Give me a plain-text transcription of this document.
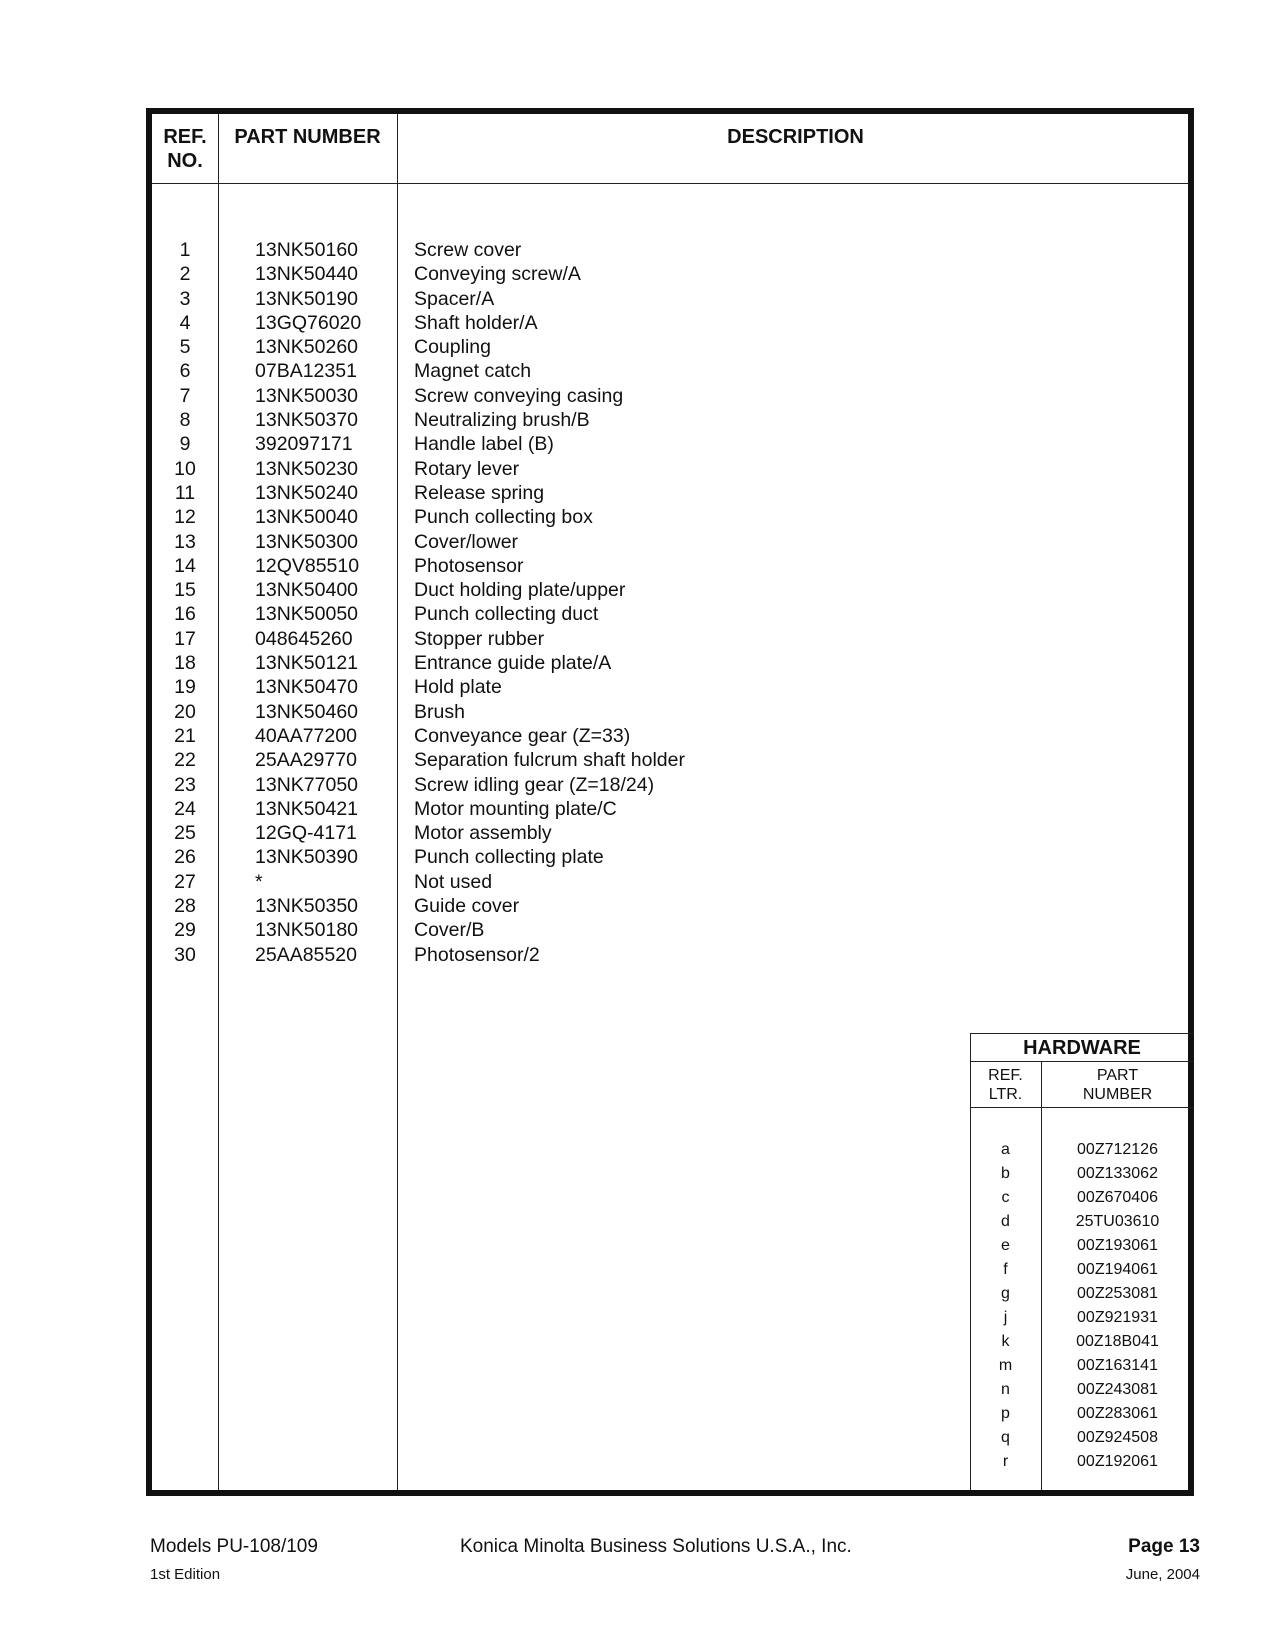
REF.
NO.
PART NUMBER	DESCRIPTION
1
2
3
4
5
6
7
8
9
10
11
12
13
14
15
16
17
18
19
20
21
22
23
24
25
26
27
28
29
30
13NK50160
13NK50440
13NK50190
13GQ76020
13NK50260
07BA12351
13NK50030
13NK50370
392097171
13NK50230
13NK50240
13NK50040
13NK50300
12QV85510
13NK50400
13NK50050
048645260
13NK50121
13NK50470
13NK50460
40AA77200
25AA29770
13NK77050
13NK50421
12GQ-4171
13NK50390
*
13NK50350
13NK50180
25AA85520
Screw cover
Conveying screw/A
Spacer/A
Shaft holder/A
Coupling
Magnet catch
Screw conveying casing
Neutralizing brush/B
Handle label (B)
Rotary lever
Release spring
Punch collecting box
Cover/lower
Photosensor
Duct holding plate/upper
Punch collecting duct
Stopper rubber
Entrance guide plate/A
Hold plate
Brush
Conveyance gear (Z=33)
Separation fulcrum shaft holder
Screw idling gear (Z=18/24)
Motor mounting plate/C
Motor assembly
Punch collecting plate
Not used
Guide cover
Cover/B
Photosensor/2
HARDWARE
REF.
LTR.
PART
NUMBER
a
b
c
d
e
f
g
j
k
m
n
p
q
r
00Z712126
00Z133062
00Z670406
25TU03610
00Z193061
00Z194061
00Z253081
00Z921931
00Z18B041
00Z163141
00Z243081
00Z283061
00Z924508
00Z192061
Models PU-108/109
1st Edition
Konica Minolta Business Solutions U.S.A., Inc.	Page 13
June, 2004
